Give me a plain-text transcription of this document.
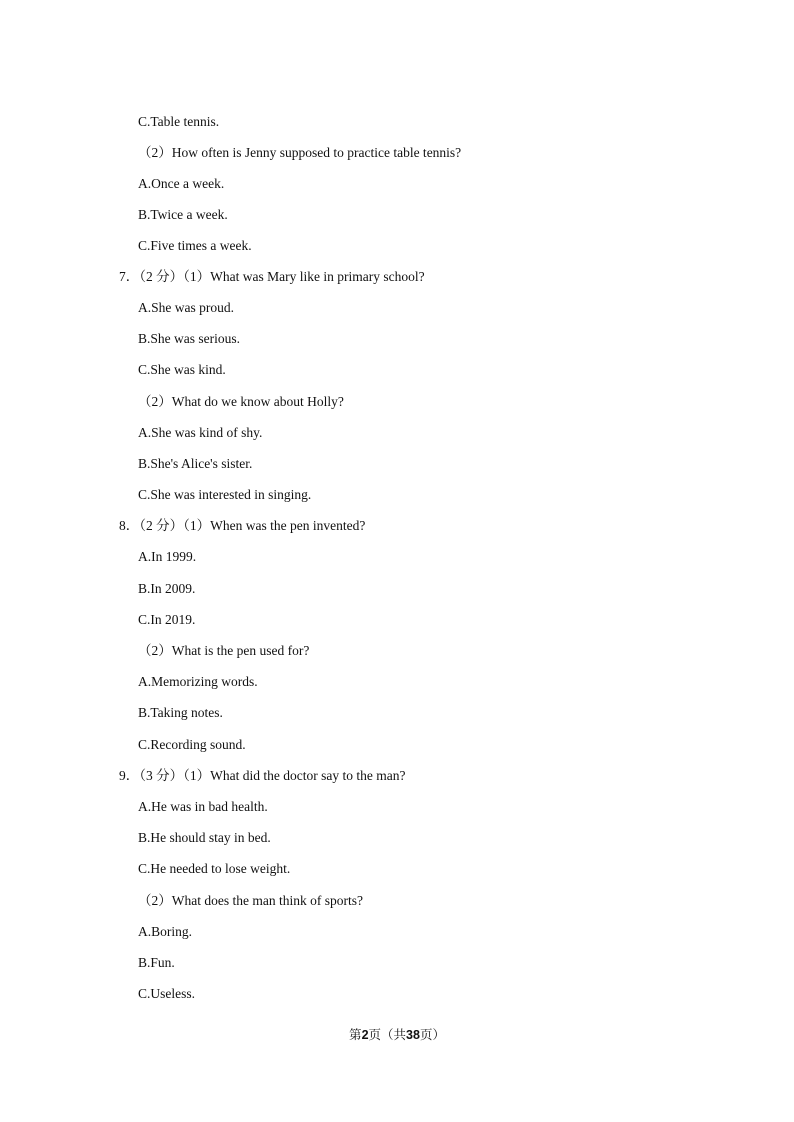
C.Table tennis.
（2）How often is Jenny supposed to practice table tennis?
A.Once a week.
B.Twice a week.
C.Five times a week.
7．（2 分）（1）What was Mary like in primary school?
A.She was proud.
B.She was serious.
C.She was kind.
（2）What do we know about Holly?
A.She was kind of shy.
B.She's Alice's sister.
C.She was interested in singing.
8．（2 分）（1）When was the pen invented?
A.In 1999.
B.In 2009.
C.In 2019.
（2）What is the pen used for?
A.Memorizing words.
B.Taking notes.
C.Recording sound.
9．（3 分）（1）What did the doctor say to the man?
A.He was in bad health.
B.He should stay in bed.
C.He needed to lose weight.
（2）What does the man think of sports?
A.Boring.
B.Fun.
C.Useless.
第2页（共38页）
